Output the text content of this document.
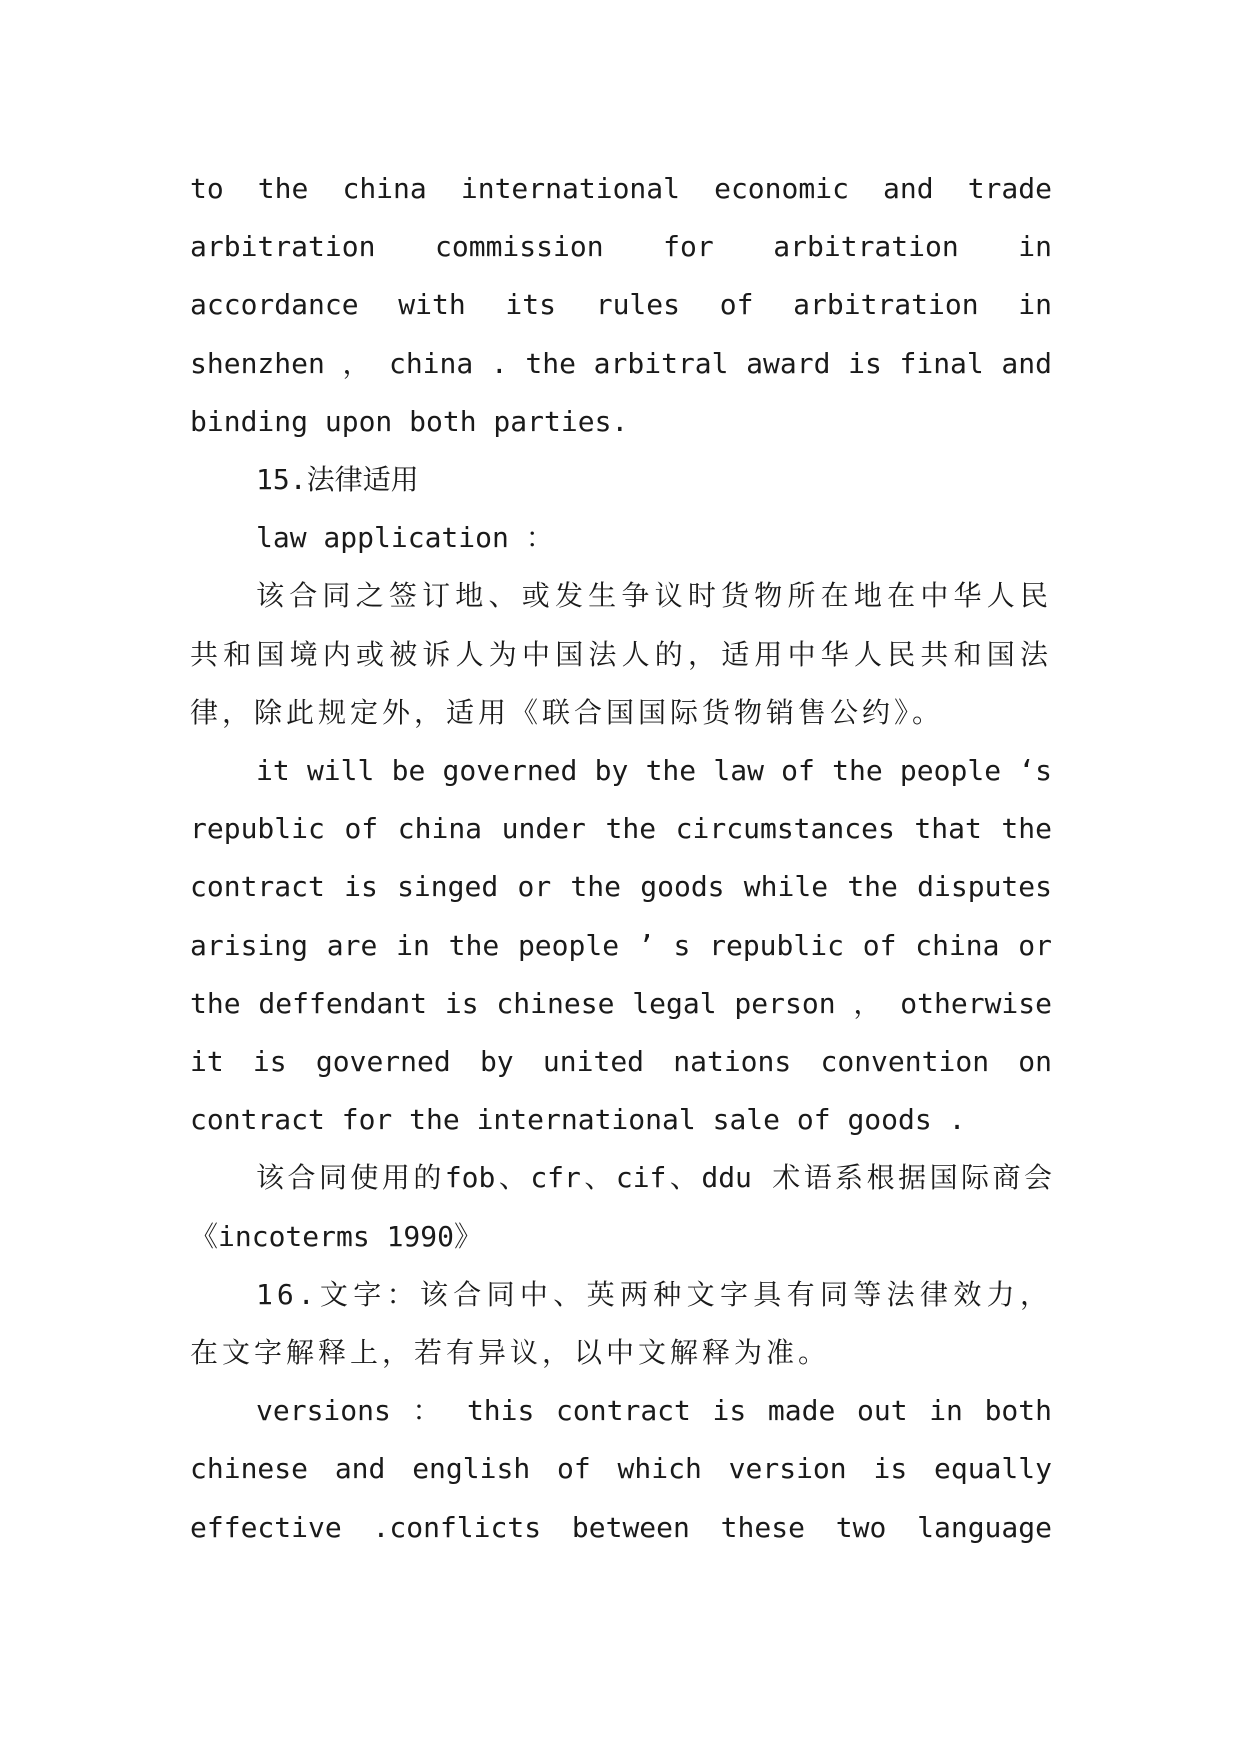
to the china international economic and trade arbitration commission for arbitration in accordance with its rules of arbitration in shenzhen ， china . the arbitral award is final and binding upon both parties.

15.法律适用

law application ：

该合同之签订地、或发生争议时货物所在地在中华人民共和国境内或被诉人为中国法人的，适用中华人民共和国法律，除此规定外，适用《联合国国际货物销售公约》。

it will be governed by the law of the people ‘s republic of china under the circumstances that the contract is singed or the goods while the disputes arising are in the people ’ s republic of china or the deffendant is chinese legal person ， otherwise it is governed by united nations convention on contract for the international sale of goods .

该合同使用的fob、cfr、cif、ddu 术语系根据国际商会《incoterms 1990》

16.文字：该合同中、英两种文字具有同等法律效力，在文字解释上，若有异议，以中文解释为准。

versions ： this contract is made out in both chinese and english of which version is equally effective .conflicts between these two language
